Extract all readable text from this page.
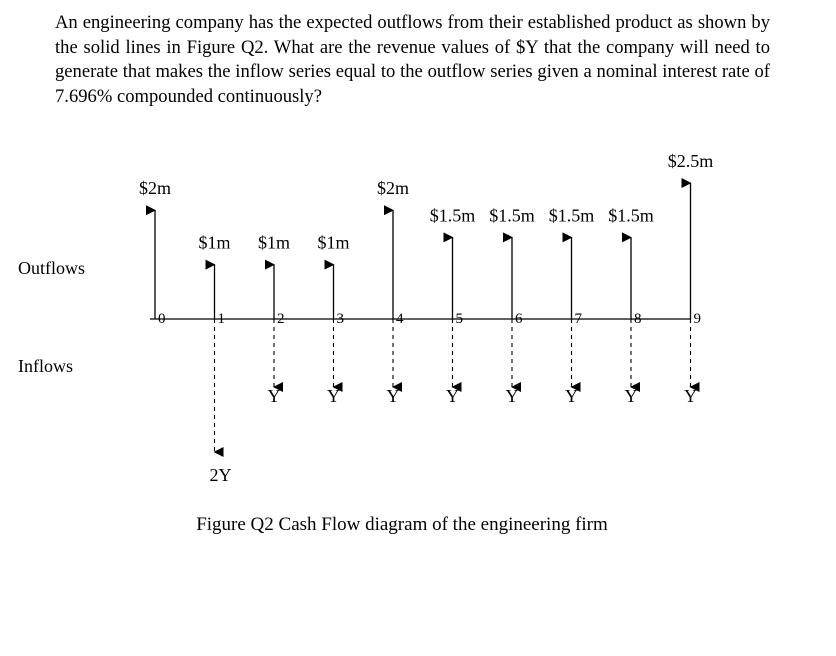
An engineering company has the expected outflows from their established product as shown by the solid lines in Figure Q2. What are the revenue values of $Y that the company will need to generate that makes the inflow series equal to the outflow series given a nominal interest rate of 7.696% compounded continuously?

Outflows
Inflows
0	1	2	3	4	5	6	7	8	9
$2m
$1m $1m $1m
$2m
$1.5m $1.5m $1.5m $1.5m
$2.5m
2Y
Y	Y	Y	Y	Y	Y	Y	Y
Figure Q2 Cash Flow diagram of the engineering firm
